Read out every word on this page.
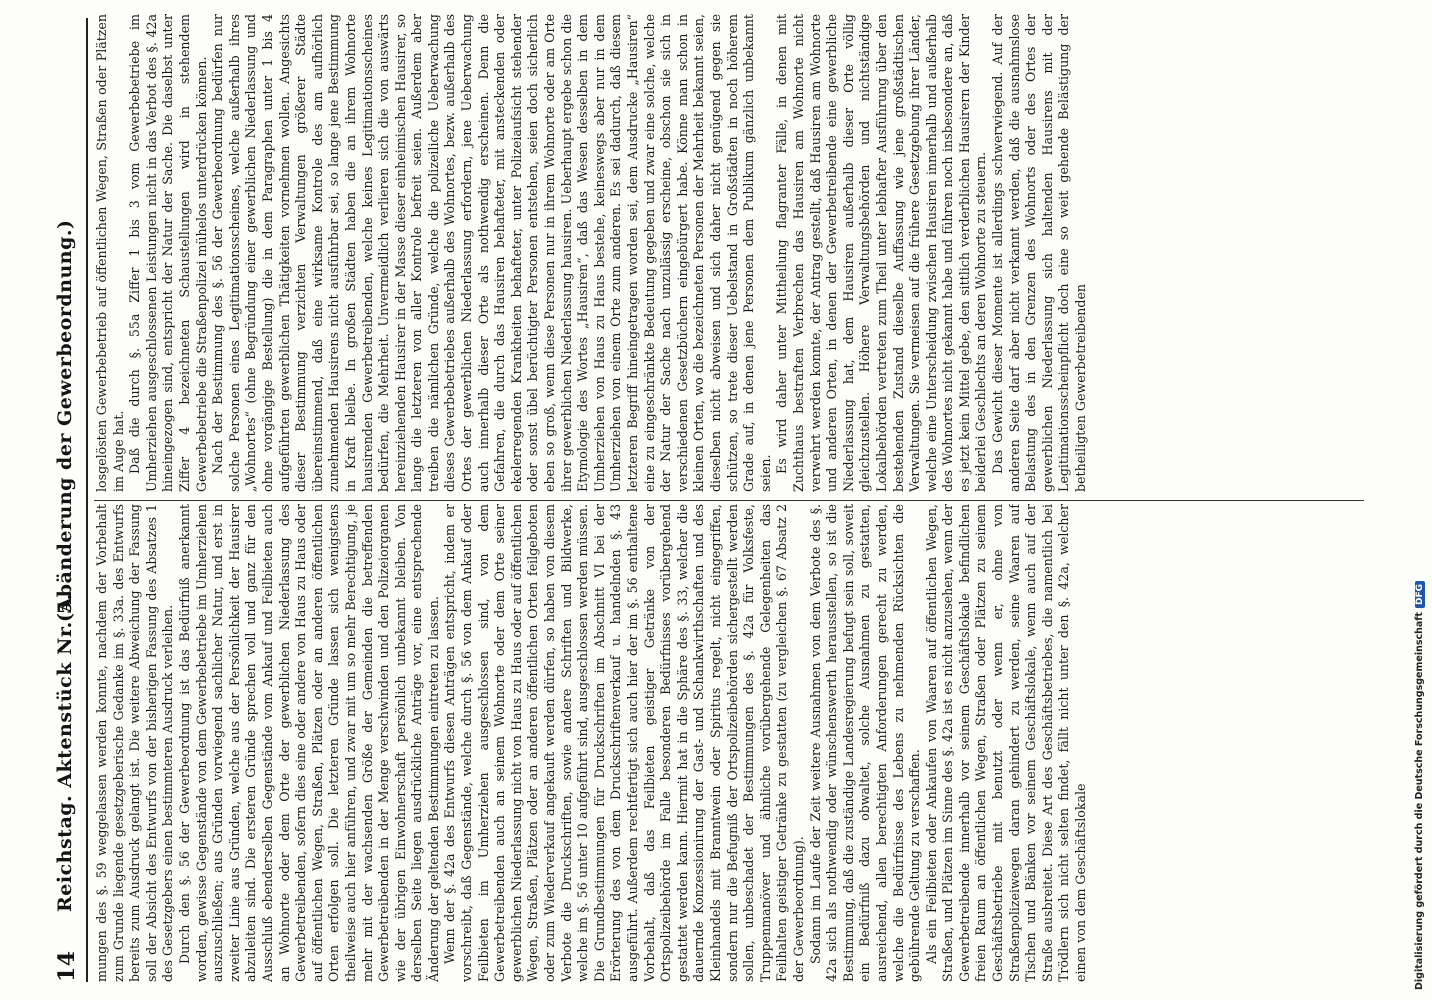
14
Reichstag. Aktenstück Nr. 5.
(Abänderung der Gewerbeordnung.)

mungen des §. 59 weggelassen werden konnte, nachdem der Vorbehalt zum Grunde liegende gesetzgeberische Gedanke im §. 33a. des Entwurfs bereits zum Ausdruck gelangt ist. Die weitere Abweichung der Fassung soll der Absicht des Entwurfs von der bisherigen Fassung des Absatzes 1 des Gesetzgebers einen bestimmteren Ausdruck verleihen. Durch den §. 56 der Gewerbeordnung ist das Bedürfniß anerkannt worden, gewisse Gegenstände von dem Gewerbebetriebe im Umherziehen auszuschließen; aus Gründen vorwiegend sachlicher Natur, und erst in zweiter Linie aus Gründen, welche aus der Persönlichkeit der Hausirer abzuleiten sind. Die ersteren Gründe sprechen voll und ganz für den Ausschluß ebenderselben Gegenstände vom Ankauf und Feilbieten auch an Wohnorte oder dem Orte der gewerblichen Niederlassung des Gewerbetreibenden, sofern dies eine oder andere von Haus zu Haus oder auf öffentlichen Wegen, Straßen, Plätzen oder an anderen öffentlichen Orten erfolgen soll. Die letzteren Gründe lassen sich wenigstens theilweise auch hier anführen, und zwar mit um so mehr Berechtigung, je mehr mit der wachsenden Größe der Gemeinden die betreffenden Gewerbetreibenden in der Menge verschwinden und den Polizeiorganen wie der übrigen Einwohnerschaft persönlich unbekannt bleiben. Von derselben Seite liegen ausdrückliche Anträge vor, eine entsprechende Änderung der geltenden Bestimmungen eintreten zu lassen. Wenn der §. 42a des Entwurfs diesen Anträgen entspricht, indem er vorschreibt, daß Gegenstände, welche durch §. 56 von dem Ankauf oder Feilbieten im Umherziehen ausgeschlossen sind, von dem Gewerbetreibenden auch an seinem Wohnorte oder dem Orte seiner gewerblichen Niederlassung nicht von Haus zu Haus oder auf öffentlichen Wegen, Straßen, Plätzen oder an anderen öffentlichen Orten feilgeboten oder zum Wiederverkauf angekauft werden dürfen, so haben von diesem Verbote die Druckschriften, sowie andere Schriften und Bildwerke, welche im §. 56 unter 10 aufgeführt sind, ausgeschlossen werden müssen. Die Grundbestimmungen für Druckschriften im Abschnitt VI bei der Erörterung des von dem Druckschriftenverkauf u. handelnden §. 43 ausgeführt. Außerdem rechtfertigt sich auch hier der im §. 56 enthaltene Vorbehalt, daß das Feilbieten geistiger Getränke von der Ortspolizeibehörde im Falle besonderen Bedürfnisses vorübergehend gestattet werden kann. Hiermit hat in die Sphäre des §. 33, welcher die dauernde Konzessionirung der Gast- und Schankwirthschaften und des Kleinhandels mit Branntwein oder Spiritus regelt, nicht eingegriffen, sondern nur die Befugniß der Ortspolizeibehörden sichergestellt werden sollen, unbeschadet der Bestimmungen des §. 42a für Volksfeste, Truppenmanöver und ähnliche vorübergehende Gelegenheiten das Feilhalten geistiger Getränke zu gestatten (zu vergleichen §. 67 Absatz 2 der Gewerbeordnung). Sodann im Laufe der Zeit weitere Ausnahmen von dem Verbote des §. 42a sich als nothwendig oder wünschenswerth herausstellen, so ist die Bestimmung, daß die zuständige Landesregierung befugt sein soll, soweit ein Bedürfniß dazu obwaltet, solche Ausnahmen zu gestatten, ausreichend, allen berechtigten Anforderungen gerecht zu werden, welche die Bedürfnisse des Lebens zu nehmenden Rücksichten die gebührende Geltung zu verschaffen. Als ein Feilbieten oder Ankaufen von Waaren auf öffentlichen Wegen, Straßen, und Plätzen im Sinne des §. 42a ist es nicht anzusehen, wenn der Gewerbetreibende innerhalb vor seinem Geschäftslokale befindlichen freien Raum an öffentlichen Wegen, Straßen oder Plätzen zu seinem Geschäftsbetriebe mit benutzt oder wenn er, ohne von Straßenpolizeiwegen daran gehindert zu werden, seine Waaren auf Tischen und Bänken vor seinem Geschäftslokale, wenn auch auf der Straße ausbreitet. Diese Art des Geschäftsbetriebes, die namentlich bei Trödlern sich nicht selten findet, fällt nicht unter den §. 42a, welcher einen von dem Geschäftslokale

losgelösten Gewerbebetrieb auf öffentlichen Wegen, Straßen oder Plätzen im Auge hat. Daß die durch §. 55a Ziffer 1 bis 3 vom Gewerbebetriebe im Umherziehen ausgeschlossenen Leistungen nicht in das Verbot des §. 42a hineingezogen sind, entspricht der Natur der Sache. Die daselbst unter Ziffer 4 bezeichneten Schaustellungen wird in stehendem Gewerbebetriebe die Straßenpolizei mühelos unterdrücken können. Nach der Bestimmung des §. 56 der Gewerbeordnung bedürfen nur solche Personen eines Legitimationsscheines, welche außerhalb ihres „Wohnortes“ (ohne Begründung einer gewerblichen Niederlassung und ohne vorgängige Bestellung) die in dem Paragraphen unter 1 bis 4 aufgeführten gewerblichen Thätigkeiten vornehmen wollen. Angesichts dieser Bestimmung verzichten Verwaltungen größerer Städte übereinstimmend, daß eine wirksame Kontrole des am aufhörlich zunehmenden Hausirens nicht ausführbar sei, so lange jene Bestimmung in Kraft bleibe. In großen Städten haben die an ihrem Wohnorte hausirenden Gewerbetreibenden, welche keines Legitimationsscheines bedürfen, die Mehrheit. Unvermeidlich verlieren sich die von auswärts hereinziehenden Hausirer in der Masse dieser einheimischen Hausirer, so lange die letzteren von aller Kontrole befreit seien. Außerdem aber treiben die nämlichen Gründe, welche die polizeiliche Ueberwachung dieses Gewerbebetriebes außerhalb des Wohnortes, bezw. außerhalb des Ortes der gewerblichen Niederlassung erfordern, jene Ueberwachung auch innerhalb dieser Orte als nothwendig erscheinen. Denn die Gefahren, die durch das Hausiren behafteter, mit ansteckenden oder ekelerregenden Krankheiten behafteter, unter Polizeiaufsicht stehender oder sonst übel berüchtigter Personen entstehen, seien doch sicherlich eben so groß, wenn diese Personen nur in ihrem Wohnorte oder am Orte ihrer gewerblichen Niederlassung hausiren. Ueberhaupt ergebe schon die Etymologie des Wortes „Hausiren“, daß das Wesen desselben in dem Umherziehen von Haus zu Haus bestehe, keineswegs aber nur in dem Umherziehen von einem Orte zum anderen. Es sei dadurch, daß diesem letzteren Begriff hineingetragen worden sei, dem Ausdrucke „Hausiren“ eine zu eingeschränkte Bedeutung gegeben und zwar eine solche, welche der Natur der Sache nach unzulässig erscheine, obschon sie sich in verschiedenen Gesetzbüchern eingebürgert habe. Könne man schon in kleinen Orten, wo die bezeichneten Personen der Mehrheit bekannt seien, dieselben nicht abweisen und sich daher nicht genügend gegen sie schützen, so trete dieser Uebelstand in Großstädten in noch höherem Grade auf, in denen jene Personen dem Publikum gänzlich unbekannt seien. Es wird daher unter Mittheilung flagranter Fälle, in denen mit Zuchthaus bestraften Verbrechen das Hausiren am Wohnorte nicht verwehrt werden konnte, der Antrag gestellt, daß Hausiren am Wohnorte und anderen Orten, in denen der Gewerbetreibende eine gewerbliche Niederlassung hat, dem Hausiren außerhalb dieser Orte völlig gleichzustellen. Höhere Verwaltungsbehörden und nichtständige Lokalbehörden vertreten zum Theil unter lebhafter Ausführung über den bestehenden Zustand dieselbe Auffassung wie jene großstädtischen Verwaltungen. Sie vermeisen auf die frühere Gesetzgebung ihrer Länder, welche eine Unterscheidung zwischen Hausiren innerhalb und außerhalb des Wohnortes nicht gekannt habe und führen noch insbesondere an, daß es jetzt kein Mittel gebe, den sittlich verderblichen Hausirern der Kinder beiderlei Geschlechts an deren Wohnorte zu steuern. Das Gewicht dieser Momente ist allerdings schwerwiegend. Auf der anderen Seite darf aber nicht verkannt werden, daß die ausnahmslose Belastung des in den Grenzen des Wohnorts oder des Ortes der gewerblichen Niederlassung sich haltenden Hausirens mit der Legitimationsscheinpflicht doch eine so weit gehende Belästigung der betheiligten Gewerbetreibenden

Digitalisierung gefördert durch die Deutsche ForschungsgemeinschaftDFG
